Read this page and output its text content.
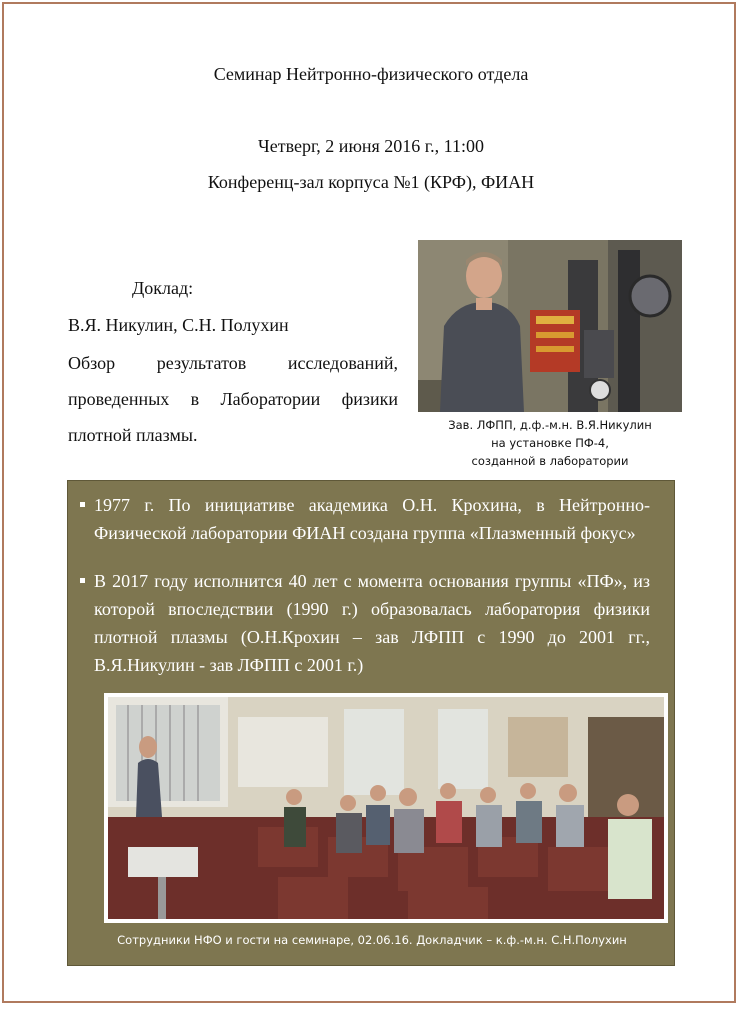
Семинар Нейтронно-физического отдела
Четверг, 2 июня 2016 г., 11:00
Конференц-зал корпуса №1 (КРФ), ФИАН
Доклад:
В.Я. Никулин, С.Н. Полухин
Обзор результатов исследований, проведенных в Лаборатории физики плотной плазмы.	Зав. ЛФПП, д.ф.-м.н. В.Я.Никулин
на установке ПФ-4,
созданной в лаборатории
1977 г. По инициативе академика О.Н. Крохина, в Нейтронно-Физической лаборатории ФИАН создана группа «Плазменный фокус»
В 2017 году исполнится 40 лет с момента основания группы «ПФ», из которой впоследствии (1990 г.) образовалась лаборатория физики плотной плазмы (О.Н.Крохин – зав ЛФПП с 1990 до 2001 гг., В.Я.Никулин - зав ЛФПП с 2001 г.)
Сотрудники НФО и гости на семинаре, 02.06.16. Докладчик – к.ф.-м.н. С.Н.Полухин
